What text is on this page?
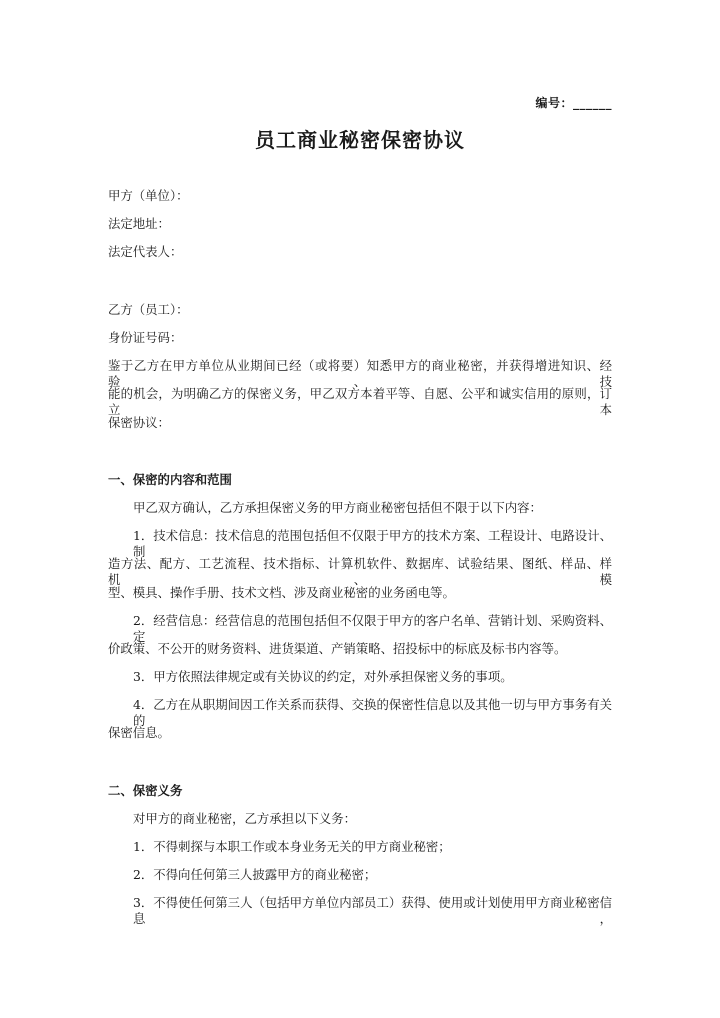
编号：______
员工商业秘密保密协议
甲方（单位）：
法定地址：
法定代表人：
乙方（员工）：
身份证号码：
鉴于乙方在甲方单位从业期间已经（或将要）知悉甲方的商业秘密，并获得增进知识、经验、技
能的机会，为明确乙方的保密义务，甲乙双方本着平等、自愿、公平和诚实信用的原则，订立本
保密协议：
一、保密的内容和范围
甲乙双方确认，乙方承担保密义务的甲方商业秘密包括但不限于以下内容：
1．技术信息：技术信息的范围包括但不仅限于甲方的技术方案、工程设计、电路设计、制
造方法、配方、工艺流程、技术指标、计算机软件、数据库、试验结果、图纸、样品、样机、模
型、模具、操作手册、技术文档、涉及商业秘密的业务函电等。
2．经营信息：经营信息的范围包括但不仅限于甲方的客户名单、营销计划、采购资料、定
价政策、不公开的财务资料、进货渠道、产销策略、招投标中的标底及标书内容等。
3．甲方依照法律规定或有关协议的约定，对外承担保密义务的事项。
4．乙方在从职期间因工作关系而获得、交换的保密性信息以及其他一切与甲方事务有关的
保密信息。
二、保密义务
对甲方的商业秘密，乙方承担以下义务：
1．不得刺探与本职工作或本身业务无关的甲方商业秘密；
2．不得向任何第三人披露甲方的商业秘密；
3．不得使任何第三人（包括甲方单位内部员工）获得、使用或计划使用甲方商业秘密信息，
